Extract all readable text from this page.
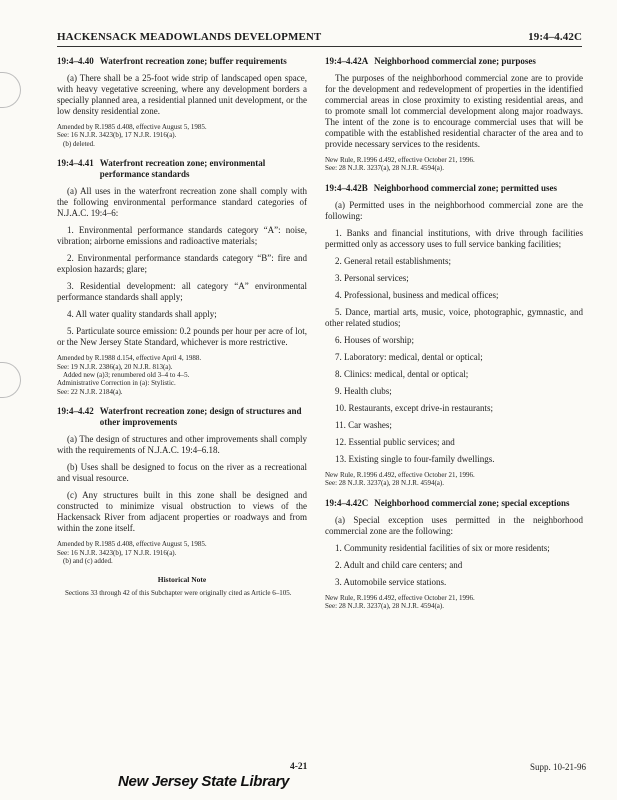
HACKENSACK MEADOWLANDS DEVELOPMENT	19:4–4.42C
19:4–4.40 Waterfront recreation zone; buffer requirements

(a) There shall be a 25-foot wide strip of landscaped open space, with heavy vegetative screening, where any development borders a specially planned area, a residential planned unit development, or the low density residential zone.

Amended by R.1985 d.408, effective August 5, 1985.
See: 16 N.J.R. 3423(b), 17 N.J.R. 1916(a).
(b) deleted.
19:4–4.41 Waterfront recreation zone; environmental performance standards

(a) All uses in the waterfront recreation zone shall comply with the following environmental performance standard categories of N.J.A.C. 19:4–6:

1. Environmental performance standards category “A”: noise, vibration; airborne emissions and radioactive materials;

2. Environmental performance standards category “B”: fire and explosion hazards; glare;

3. Residential development: all category “A” environmental performance standards shall apply;

4. All water quality standards shall apply;

5. Particulate source emission: 0.2 pounds per hour per acre of lot, or the New Jersey State Standard, whichever is more restrictive.

Amended by R.1988 d.154, effective April 4, 1988.
See: 19 N.J.R. 2386(a), 20 N.J.R. 813(a).
Added new (a)3; renumbered old 3–4 to 4–5.
Administrative Correction in (a): Stylistic.
See: 22 N.J.R. 2184(a).
19:4–4.42 Waterfront recreation zone; design of structures and other improvements

(a) The design of structures and other improvements shall comply with the requirements of N.J.A.C. 19:4–6.18.

(b) Uses shall be designed to focus on the river as a recreational and visual resource.

(c) Any structures built in this zone shall be designed and constructed to minimize visual obstruction to views of the Hackensack River from adjacent properties or roadways and from within the zone itself.

Amended by R.1985 d.408, effective August 5, 1985.
See: 16 N.J.R. 3423(b), 17 N.J.R. 1916(a).
(b) and (c) added.
Historical Note

Sections 33 through 42 of this Subchapter were originally cited as Article 6–105.

19:4–4.42A Neighborhood commercial zone; purposes

The purposes of the neighborhood commercial zone are to provide for the development and redevelopment of properties in the identified commercial areas in close proximity to existing residential areas, and to promote small lot commercial development along major roadways. The intent of the zone is to encourage commercial uses that will be compatible with the established residential character of the area and to provide necessary services to the residents.

New Rule, R.1996 d.492, effective October 21, 1996.
See: 28 N.J.R. 3237(a), 28 N.J.R. 4594(a).
19:4–4.42B Neighborhood commercial zone; permitted uses

(a) Permitted uses in the neighborhood commercial zone are the following:

1. Banks and financial institutions, with drive through facilities permitted only as accessory uses to full service banking facilities;

2. General retail establishments;

3. Personal services;

4. Professional, business and medical offices;

5. Dance, martial arts, music, voice, photographic, gymnastic, and other related studios;

6. Houses of worship;

7. Laboratory: medical, dental or optical;

8. Clinics: medical, dental or optical;

9. Health clubs;

10. Restaurants, except drive-in restaurants;

11. Car washes;

12. Essential public services; and

13. Existing single to four-family dwellings.

New Rule, R.1996 d.492, effective October 21, 1996.
See: 28 N.J.R. 3237(a), 28 N.J.R. 4594(a).
19:4–4.42C Neighborhood commercial zone; special exceptions

(a) Special exception uses permitted in the neighborhood commercial zone are the following:

1. Community residential facilities of six or more residents;

2. Adult and child care centers; and

3. Automobile service stations.

New Rule, R.1996 d.492, effective October 21, 1996.
See: 28 N.J.R. 3237(a), 28 N.J.R. 4594(a).
4-21	Supp. 10-21-96
New Jersey State Library
